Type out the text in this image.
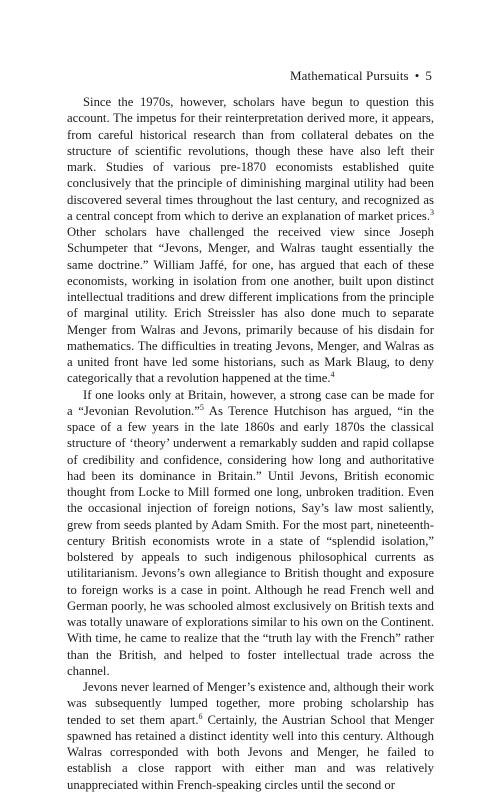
Mathematical Pursuits • 5

Since the 1970s, however, scholars have begun to question this account. The impetus for their reinterpretation derived more, it appears, from careful historical research than from collateral debates on the structure of scientific revolutions, though these have also left their mark. Studies of various pre-1870 economists established quite conclusively that the principle of diminishing marginal utility had been discovered several times throughout the last century, and recognized as a central concept from which to derive an explanation of market prices.$^3$ Other scholars have challenged the received view since Joseph Schumpeter that “Jevons, Menger, and Walras taught essentially the same doctrine.” William Jaffé, for one, has argued that each of these economists, working in isolation from one another, built upon distinct intellectual traditions and drew different implications from the principle of marginal utility. Erich Streissler has also done much to separate Menger from Walras and Jevons, primarily because of his disdain for mathematics. The difficulties in treating Jevons, Menger, and Walras as a united front have led some historians, such as Mark Blaug, to deny categorically that a revolution happened at the time.$^4$

If one looks only at Britain, however, a strong case can be made for a “Jevonian Revolution.”$^5$ As Terence Hutchison has argued, “in the space of a few years in the late 1860s and early 1870s the classical structure of ‘theory’ underwent a remarkably sudden and rapid collapse of credibility and confidence, considering how long and authoritative had been its dominance in Britain.” Until Jevons, British economic thought from Locke to Mill formed one long, unbroken tradition. Even the occasional injection of foreign notions, Say’s law most saliently, grew from seeds planted by Adam Smith. For the most part, nineteenth-century British economists wrote in a state of “splendid isolation,” bolstered by appeals to such indigenous philosophical currents as utilitarianism. Jevons’s own allegiance to British thought and exposure to foreign works is a case in point. Although he read French well and German poorly, he was schooled almost exclusively on British texts and was totally unaware of explorations similar to his own on the Continent. With time, he came to realize that the “truth lay with the French” rather than the British, and helped to foster intellectual trade across the channel.

Jevons never learned of Menger’s existence and, although their work was subsequently lumped together, more probing scholarship has tended to set them apart.$^6$ Certainly, the Austrian School that Menger spawned has retained a distinct identity well into this century. Although Walras corresponded with both Jevons and Menger, he failed to establish a close rapport with either man and was relatively unappreciated within French-speaking circles until the second or
